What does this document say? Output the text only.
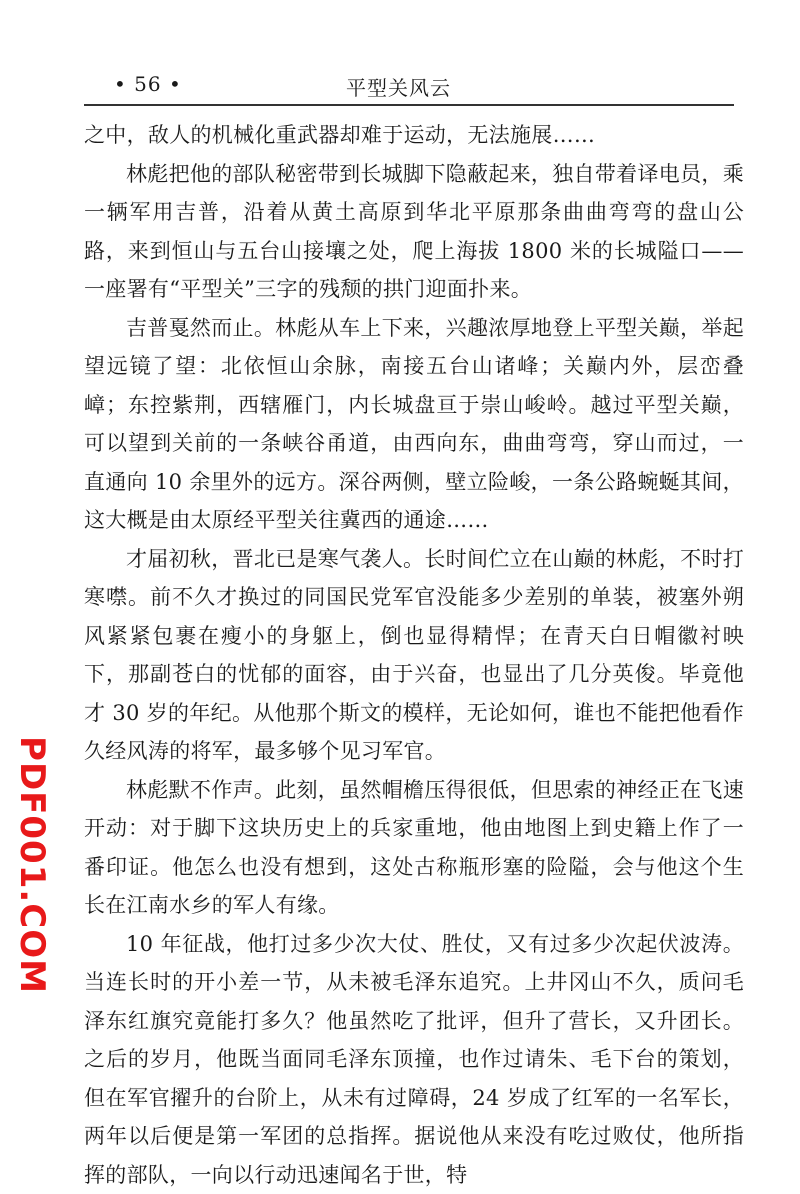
• 56 •	平型关风云

之中，敌人的机械化重武器却难于运动，无法施展……

林彪把他的部队秘密带到长城脚下隐蔽起来，独自带着译电员，乘一辆军用吉普，沿着从黄土高原到华北平原那条曲曲弯弯的盘山公路，来到恒山与五台山接壤之处，爬上海拔 1800 米的长城隘口——一座署有“平型关”三字的残颓的拱门迎面扑来。

吉普戛然而止。林彪从车上下来，兴趣浓厚地登上平型关巅，举起望远镜了望：北依恒山余脉，南接五台山诸峰；关巅内外，层峦叠嶂；东控紫荆，西辖雁门，内长城盘亘于崇山峻岭。越过平型关巅，可以望到关前的一条峡谷甬道，由西向东，曲曲弯弯，穿山而过，一直通向 10 余里外的远方。深谷两侧，壁立险峻，一条公路蜿蜒其间，这大概是由太原经平型关往冀西的通途……

才届初秋，晋北已是寒气袭人。长时间伫立在山巅的林彪，不时打寒噤。前不久才换过的同国民党军官没能多少差别的单装，被塞外朔风紧紧包裹在瘦小的身躯上，倒也显得精悍；在青天白日帽徽衬映下，那副苍白的忧郁的面容，由于兴奋，也显出了几分英俊。毕竟他才 30 岁的年纪。从他那个斯文的模样，无论如何，谁也不能把他看作久经风涛的将军，最多够个见习军官。

林彪默不作声。此刻，虽然帽檐压得很低，但思索的神经正在飞速开动：对于脚下这块历史上的兵家重地，他由地图上到史籍上作了一番印证。他怎么也没有想到，这处古称瓶形塞的险隘，会与他这个生长在江南水乡的军人有缘。

10 年征战，他打过多少次大仗、胜仗，又有过多少次起伏波涛。当连长时的开小差一节，从未被毛泽东追究。上井冈山不久，质问毛泽东红旗究竟能打多久？他虽然吃了批评，但升了营长，又升团长。之后的岁月，他既当面同毛泽东顶撞，也作过请朱、毛下台的策划，但在军官擢升的台阶上，从未有过障碍，24 岁成了红军的一名军长，两年以后便是第一军团的总指挥。据说他从来没有吃过败仗，他所指挥的部队，一向以行动迅速闻名于世，特

PDF001.COM
